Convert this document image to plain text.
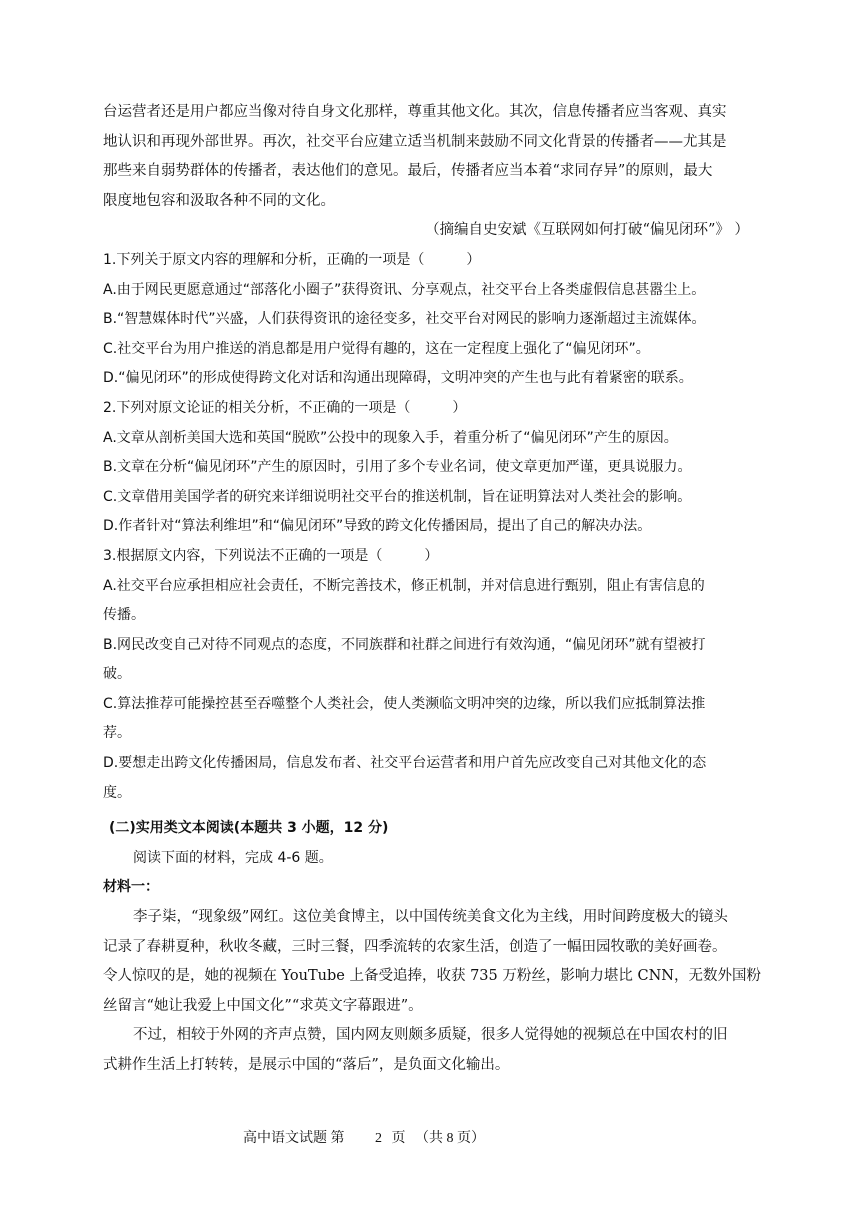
台运营者还是用户都应当像对待自身文化那样，尊重其他文化。其次，信息传播者应当客观、真实
地认识和再现外部世界。再次，社交平台应建立适当机制来鼓励不同文化背景的传播者——尤其是
那些来自弱势群体的传播者，表达他们的意见。最后，传播者应当本着“求同存异”的原则，最大
限度地包容和汲取各种不同的文化。
（摘编自史安斌《互联网如何打破“偏见闭环”》 ）
1.下列关于原文内容的理解和分析，正确的一项是（　　　）
A.由于网民更愿意通过“部落化小圈子”获得资讯、分享观点，社交平台上各类虚假信息甚嚣尘上。
B.“智慧媒体时代”兴盛，人们获得资讯的途径变多，社交平台对网民的影响力逐渐超过主流媒体。
C.社交平台为用户推送的消息都是用户觉得有趣的，这在一定程度上强化了“偏见闭环”。
D.“偏见闭环”的形成使得跨文化对话和沟通出现障碍，文明冲突的产生也与此有着紧密的联系。
2.下列对原文论证的相关分析，不正确的一项是（　　　）
A.文章从剖析美国大选和英国“脱欧”公投中的现象入手，着重分析了“偏见闭环”产生的原因。
B.文章在分析“偏见闭环”产生的原因时，引用了多个专业名词，使文章更加严谨，更具说服力。
C.文章借用美国学者的研究来详细说明社交平台的推送机制，旨在证明算法对人类社会的影响。
D.作者针对“算法利维坦”和“偏见闭环”导致的跨文化传播困局，提出了自己的解决办法。
3.根据原文内容，下列说法不正确的一项是（　　　）
A.社交平台应承担相应社会责任，不断完善技术，修正机制，并对信息进行甄别，阻止有害信息的
传播。
B.网民改变自己对待不同观点的态度，不同族群和社群之间进行有效沟通，“偏见闭环”就有望被打
破。
C.算法推荐可能操控甚至吞噬整个人类社会，使人类濒临文明冲突的边缘，所以我们应抵制算法推
荐。
D.要想走出跨文化传播困局，信息发布者、社交平台运营者和用户首先应改变自己对其他文化的态
度。
(二)实用类文本阅读(本题共 3 小题，12 分)
阅读下面的材料，完成 4-6 题。
材料一：
李子柒，“现象级”网红。这位美食博主，以中国传统美食文化为主线，用时间跨度极大的镜头
记录了春耕夏种，秋收冬藏，三时三餐，四季流转的农家生活，创造了一幅田园牧歌的美好画卷。
令人惊叹的是，她的视频在 YouTube 上备受追捧，收获 735 万粉丝，影响力堪比 CNN，无数外国粉
丝留言“她让我爱上中国文化”“求英文字幕跟进”。
不过，相较于外网的齐声点赞，国内网友则颇多质疑，很多人觉得她的视频总在中国农村的旧
式耕作生活上打转转，是展示中国的“落后”，是负面文化输出。
高中语文试题 第 2 页 （共 8 页）
